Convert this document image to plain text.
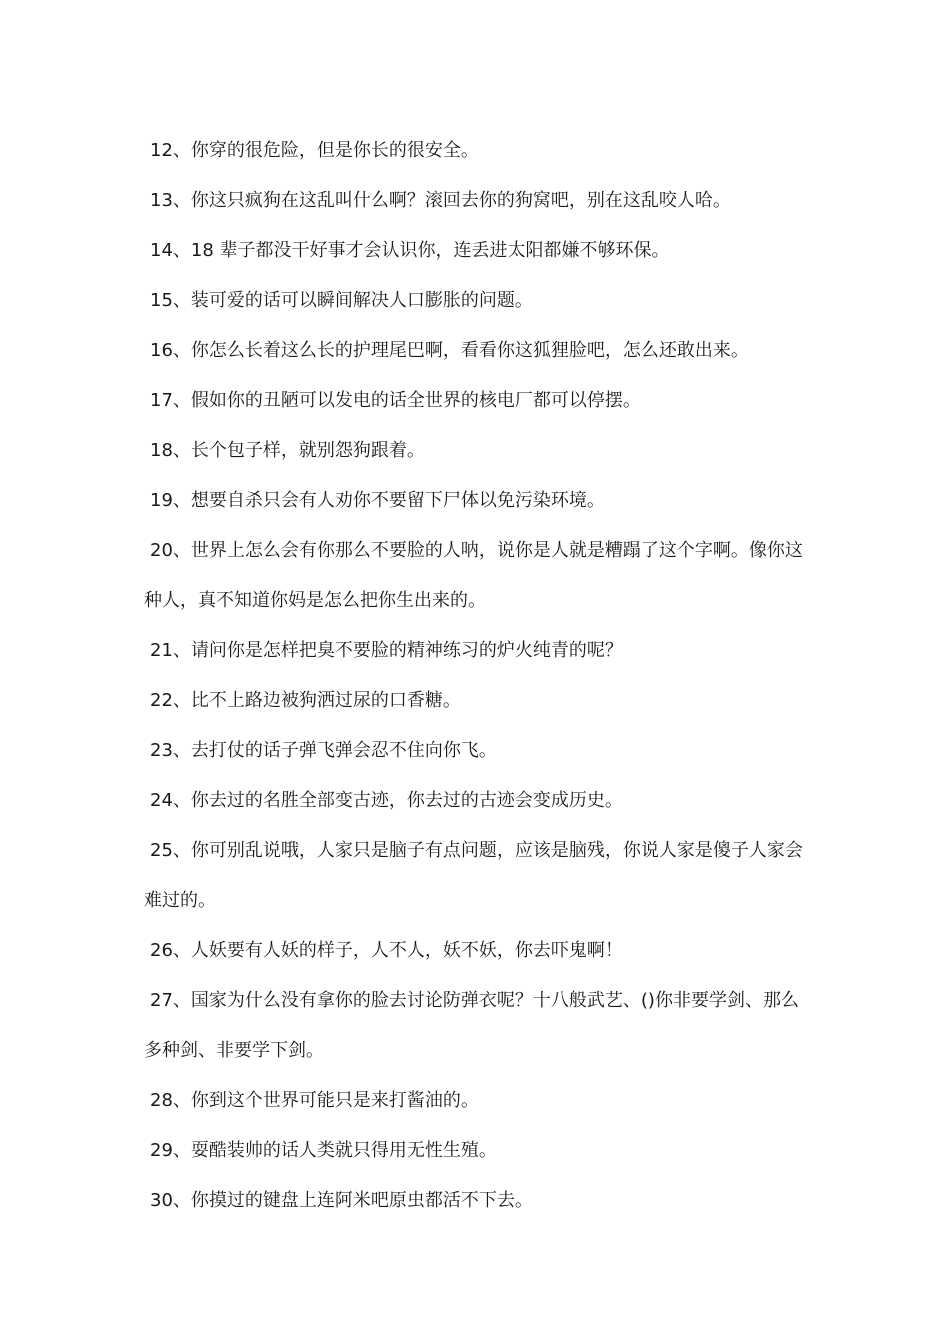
12、你穿的很危险，但是你长的很安全。

13、你这只疯狗在这乱叫什么啊？滚回去你的狗窝吧，别在这乱咬人哈。

14、18 辈子都没干好事才会认识你，连丢进太阳都嫌不够环保。

15、装可爱的话可以瞬间解决人口膨胀的问题。

16、你怎么长着这么长的护理尾巴啊，看看你这狐狸脸吧，怎么还敢出来。

17、假如你的丑陋可以发电的话全世界的核电厂都可以停摆。

18、长个包子样，就别怨狗跟着。

19、想要自杀只会有人劝你不要留下尸体以免污染环境。

20、世界上怎么会有你那么不要脸的人呐，说你是人就是糟蹋了这个字啊。像你这种人，真不知道你妈是怎么把你生出来的。

21、请问你是怎样把臭不要脸的精神练习的炉火纯青的呢？

22、比不上路边被狗洒过尿的口香糖。

23、去打仗的话子弹飞弹会忍不住向你飞。

24、你去过的名胜全部变古迹，你去过的古迹会变成历史。

25、你可别乱说哦，人家只是脑子有点问题，应该是脑残，你说人家是傻子人家会难过的。

26、人妖要有人妖的样子，人不人，妖不妖，你去吓鬼啊！

27、国家为什么没有拿你的脸去讨论防弹衣呢？十八般武艺、()你非要学剑、那么多种剑、非要学下剑。

28、你到这个世界可能只是来打酱油的。

29、耍酷装帅的话人类就只得用无性生殖。

30、你摸过的键盘上连阿米吧原虫都活不下去。
